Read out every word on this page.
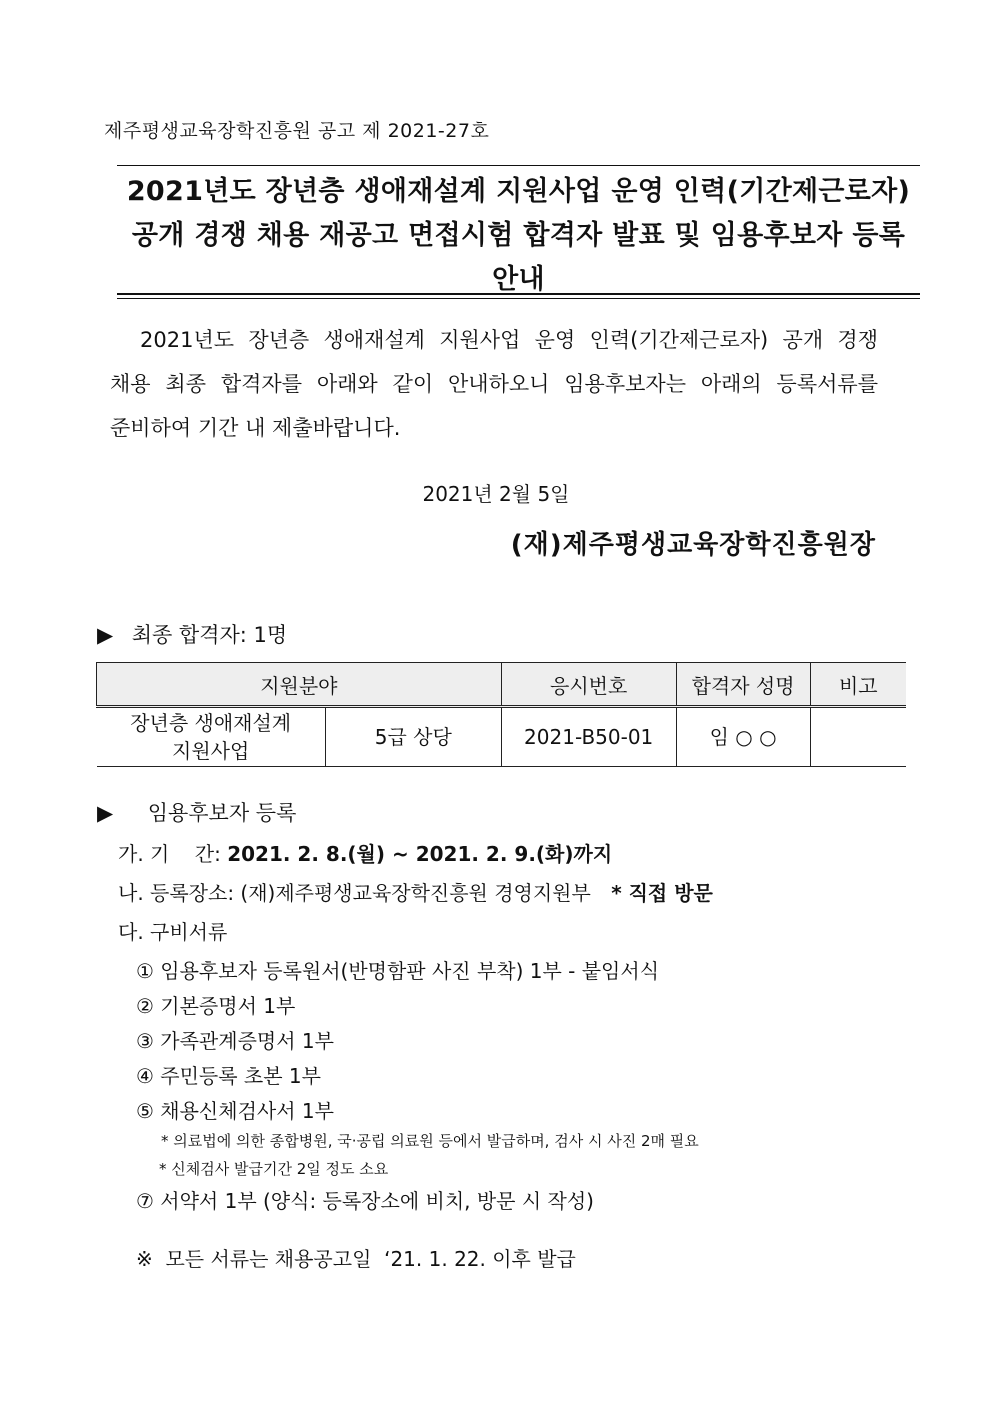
제주평생교육장학진흥원 공고 제 2021-27호
2021년도 장년층 생애재설계 지원사업 운영 인력(기간제근로자)
공개 경쟁 채용 재공고 면접시험 합격자 발표 및 임용후보자 등록
안내
2021년도 장년층 생애재설계 지원사업 운영 인력(기간제근로자) 공개 경쟁
채용 최종 합격자를 아래와 같이 안내하오니 임용후보자는 아래의 등록서류를
준비하여 기간 내 제출바랍니다.
2021년 2월 5일
(재)제주평생교육장학진흥원장
▶ 최종 합격자: 1명
지원분야		응시번호	합격자 성명	비고

장년층 생애재설계
지원사업	5급 상당	2021-B50-01	임 ○ ○	
▶ 임용후보자 등록
가. 기    간: 2021. 2. 8.(월) ~ 2021. 2. 9.(화)까지
나. 등록장소: (재)제주평생교육장학진흥원 경영지원부 * 직접 방문
다. 구비서류
① 임용후보자 등록원서(반명함판 사진 부착) 1부 - 붙임서식
② 기본증명서 1부
③ 가족관계증명서 1부
④ 주민등록 초본 1부
⑤ 채용신체검사서 1부
* 의료법에 의한 종합병원, 국·공립 의료원 등에서 발급하며, 검사 시 사진 2매 필요
* 신체검사 발급기간 2일 정도 소요
⑦ 서약서 1부 (양식: 등록장소에 비치, 방문 시 작성)
※  모든 서류는 채용공고일  ‘21. 1. 22. 이후 발급
